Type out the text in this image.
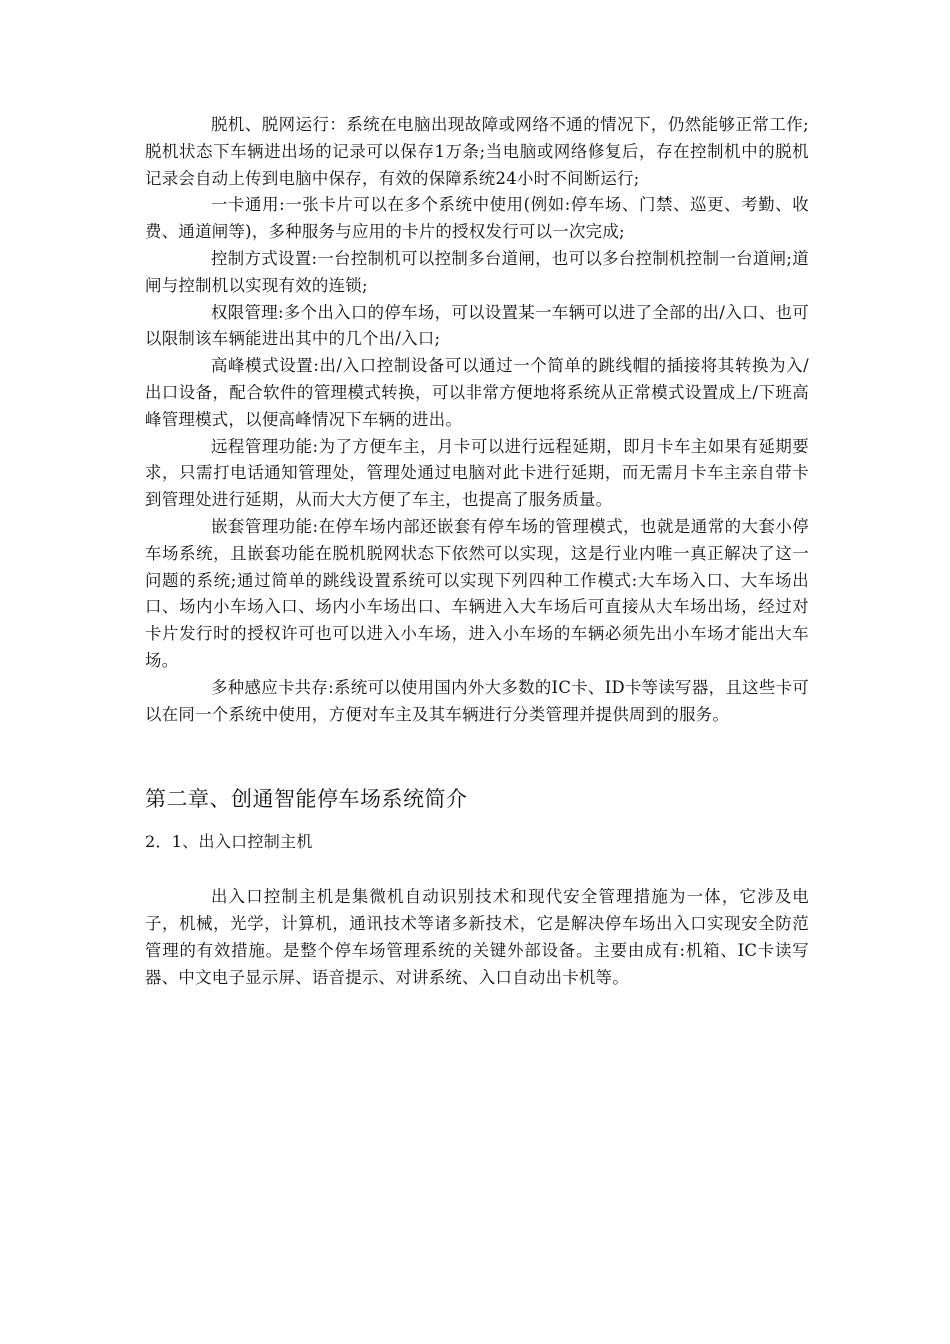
脱机、脱网运行：系统在电脑出现故障或网络不通的情况下，仍然能够正常工作;脱机状态下车辆进出场的记录可以保存1万条;当电脑或网络修复后，存在控制机中的脱机记录会自动上传到电脑中保存，有效的保障系统24小时不间断运行;

一卡通用:一张卡片可以在多个系统中使用(例如:停车场、门禁、巡更、考勤、收费、通道闸等)，多种服务与应用的卡片的授权发行可以一次完成;

控制方式设置:一台控制机可以控制多台道闸，也可以多台控制机控制一台道闸;道闸与控制机以实现有效的连锁;

权限管理:多个出入口的停车场，可以设置某一车辆可以进了全部的出/入口、也可以限制该车辆能进出其中的几个出/入口;

高峰模式设置:出/入口控制设备可以通过一个简单的跳线帽的插接将其转换为入/出口设备，配合软件的管理模式转换，可以非常方便地将系统从正常模式设置成上/下班高峰管理模式，以便高峰情况下车辆的进出。

远程管理功能:为了方便车主，月卡可以进行远程延期，即月卡车主如果有延期要求，只需打电话通知管理处，管理处通过电脑对此卡进行延期，而无需月卡车主亲自带卡到管理处进行延期，从而大大方便了车主，也提高了服务质量。

嵌套管理功能:在停车场内部还嵌套有停车场的管理模式，也就是通常的大套小停车场系统，且嵌套功能在脱机脱网状态下依然可以实现，这是行业内唯一真正解决了这一问题的系统;通过简单的跳线设置系统可以实现下列四种工作模式:大车场入口、大车场出口、场内小车场入口、场内小车场出口、车辆进入大车场后可直接从大车场出场，经过对卡片发行时的授权许可也可以进入小车场，进入小车场的车辆必须先出小车场才能出大车场。

多种感应卡共存:系统可以使用国内外大多数的IC卡、ID卡等读写器，且这些卡可以在同一个系统中使用，方便对车主及其车辆进行分类管理并提供周到的服务。

第二章、创通智能停车场系统简介
2．1、出入口控制主机

出入口控制主机是集微机自动识别技术和现代安全管理措施为一体，它涉及电子，机械，光学，计算机，通讯技术等诸多新技术，它是解决停车场出入口实现安全防范管理的有效措施。是整个停车场管理系统的关键外部设备。主要由成有:机箱、IC卡读写器、中文电子显示屏、语音提示、对讲系统、入口自动出卡机等。
